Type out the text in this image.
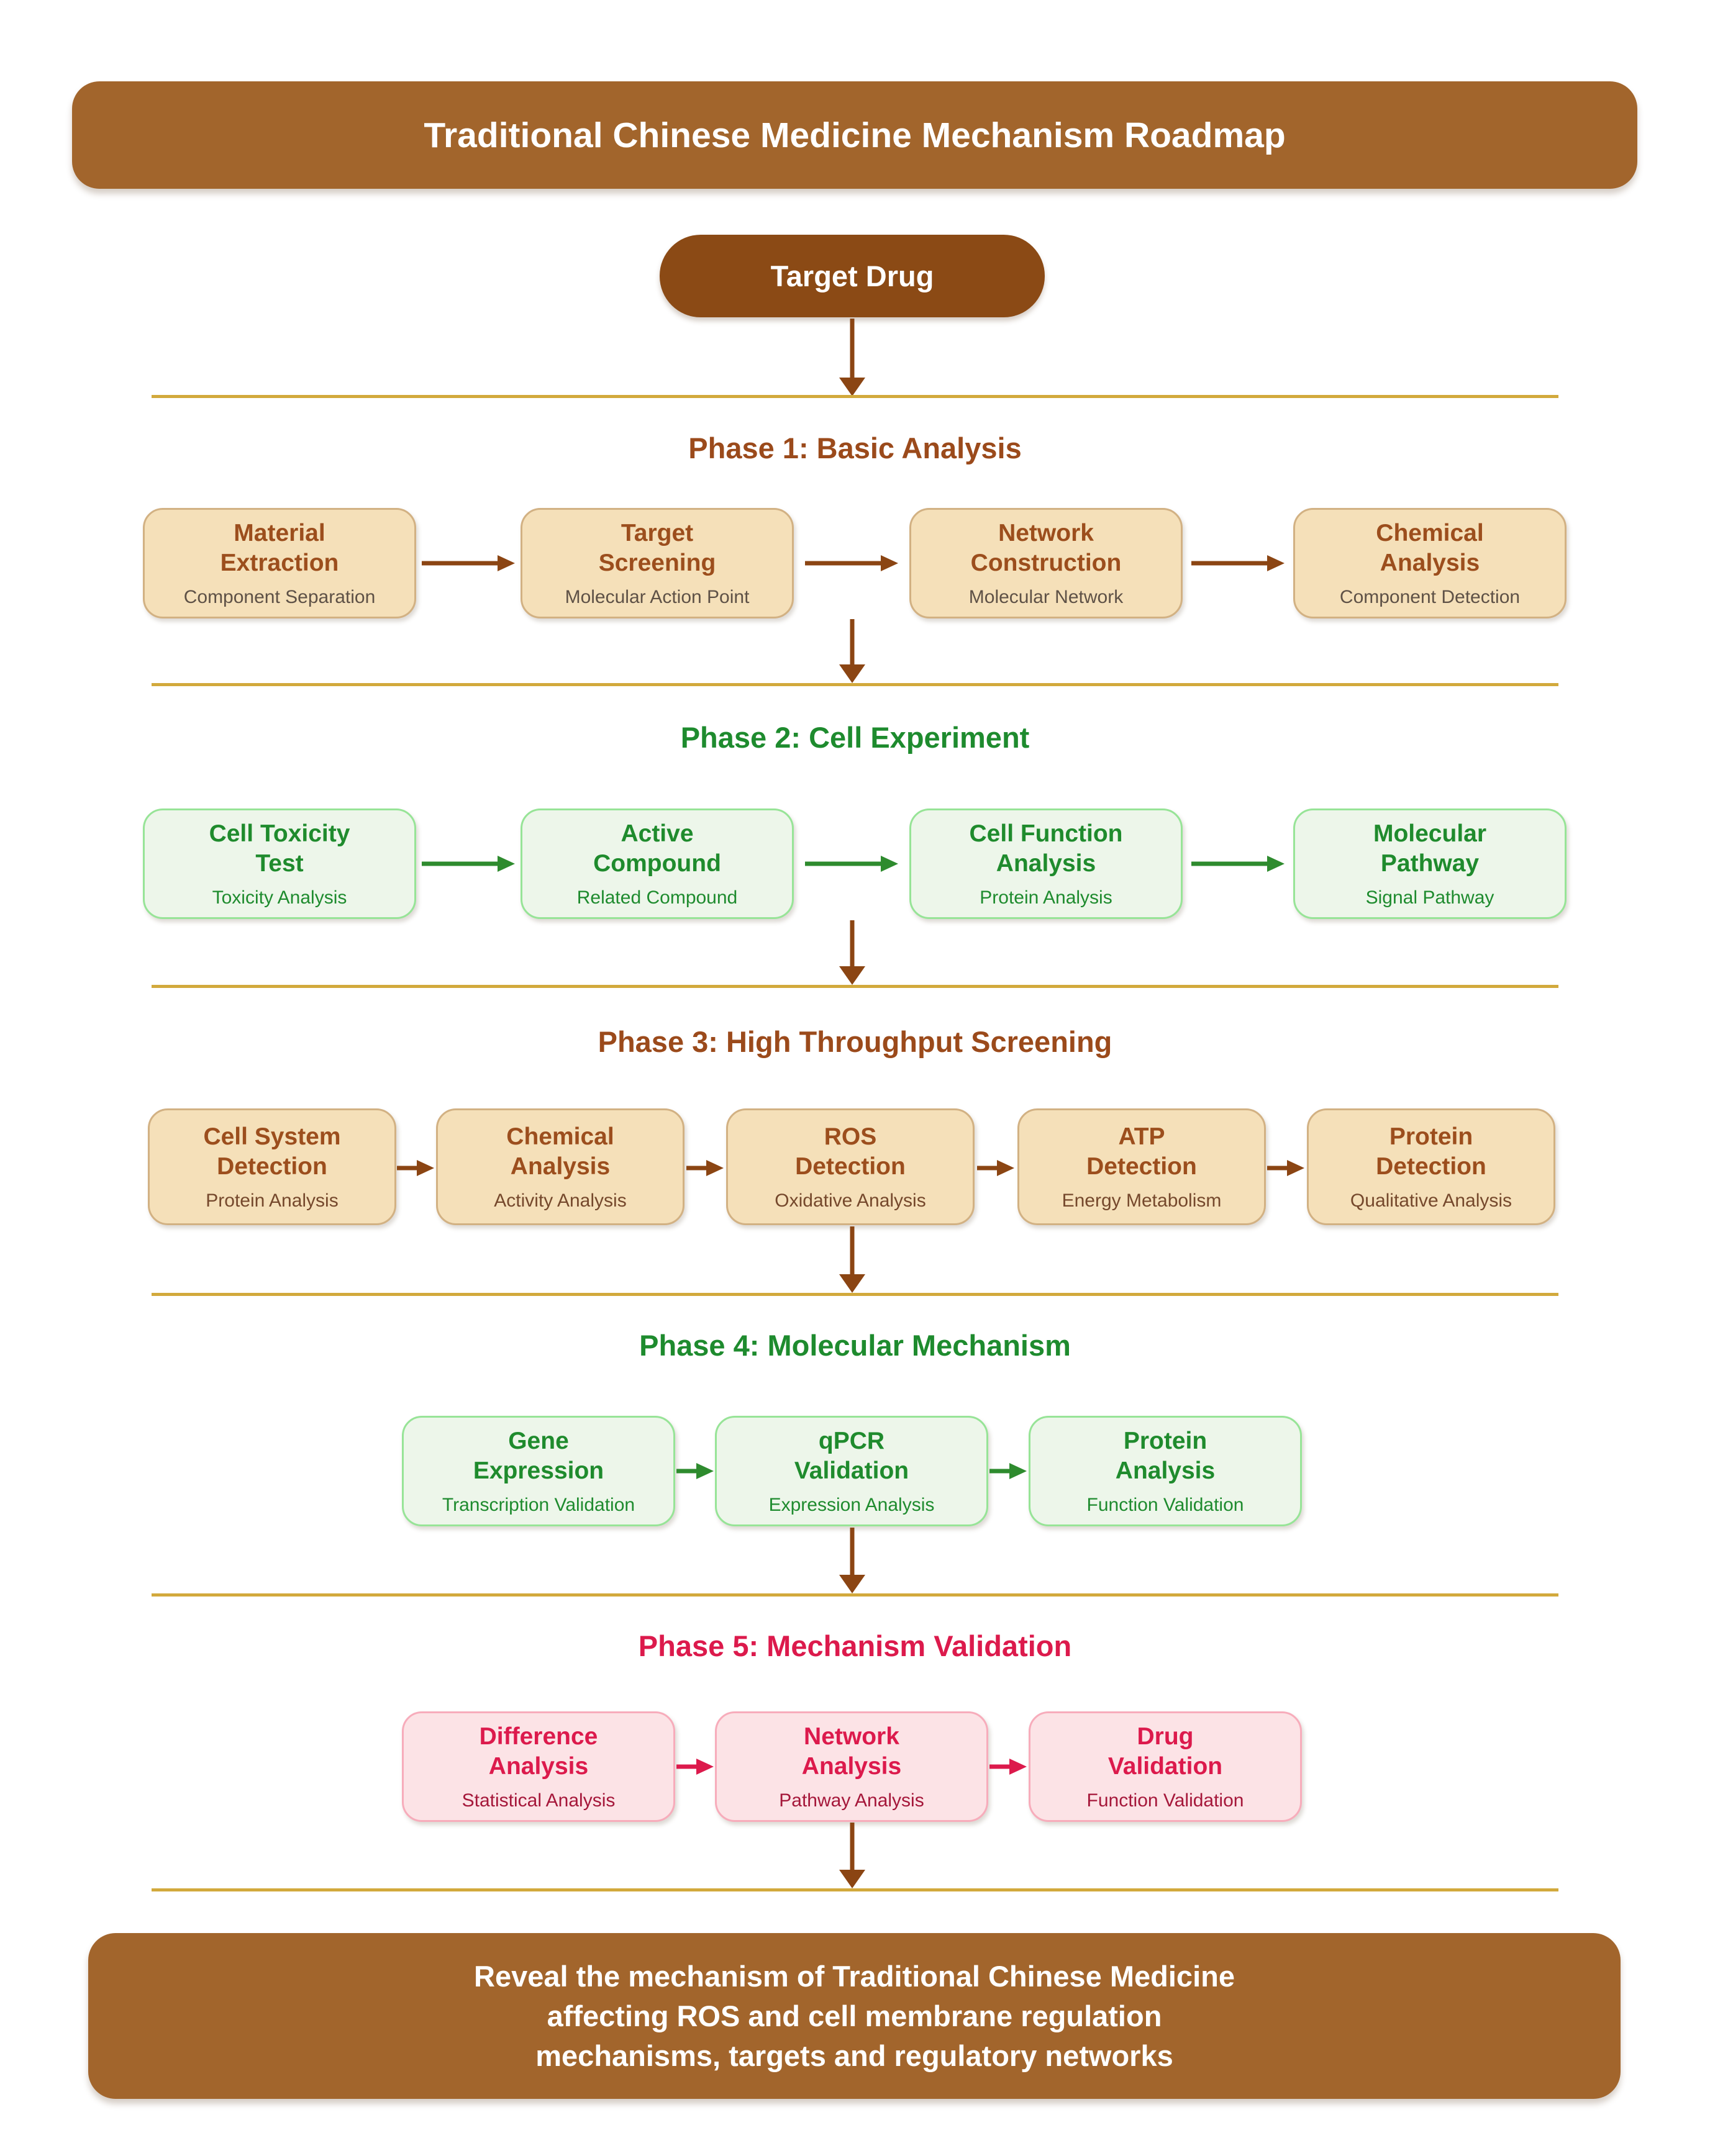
Traditional Chinese Medicine Mechanism Roadmap
Target Drug
Phase 1: Basic Analysis
Material
Extraction
Component Separation
Target
Screening
Molecular Action Point
Network
Construction
Molecular Network
Chemical
Analysis
Component Detection
Phase 2: Cell Experiment
Cell Toxicity
Test
Toxicity Analysis
Active
Compound
Related Compound
Cell Function
Analysis
Protein Analysis
Molecular
Pathway
Signal Pathway
Phase 3: High Throughput Screening
Cell System
Detection
Protein Analysis
Chemical
Analysis
Activity Analysis
ROS
Detection
Oxidative Analysis
ATP
Detection
Energy Metabolism
Protein
Detection
Qualitative Analysis
Phase 4: Molecular Mechanism
Gene
Expression
Transcription Validation
qPCR
Validation
Expression Analysis
Protein
Analysis
Function Validation
Phase 5: Mechanism Validation
Difference
Analysis
Statistical Analysis
Network
Analysis
Pathway Analysis
Drug
Validation
Function Validation
Reveal the mechanism of Traditional Chinese Medicine
affecting ROS and cell membrane regulation
mechanisms, targets and regulatory networks
